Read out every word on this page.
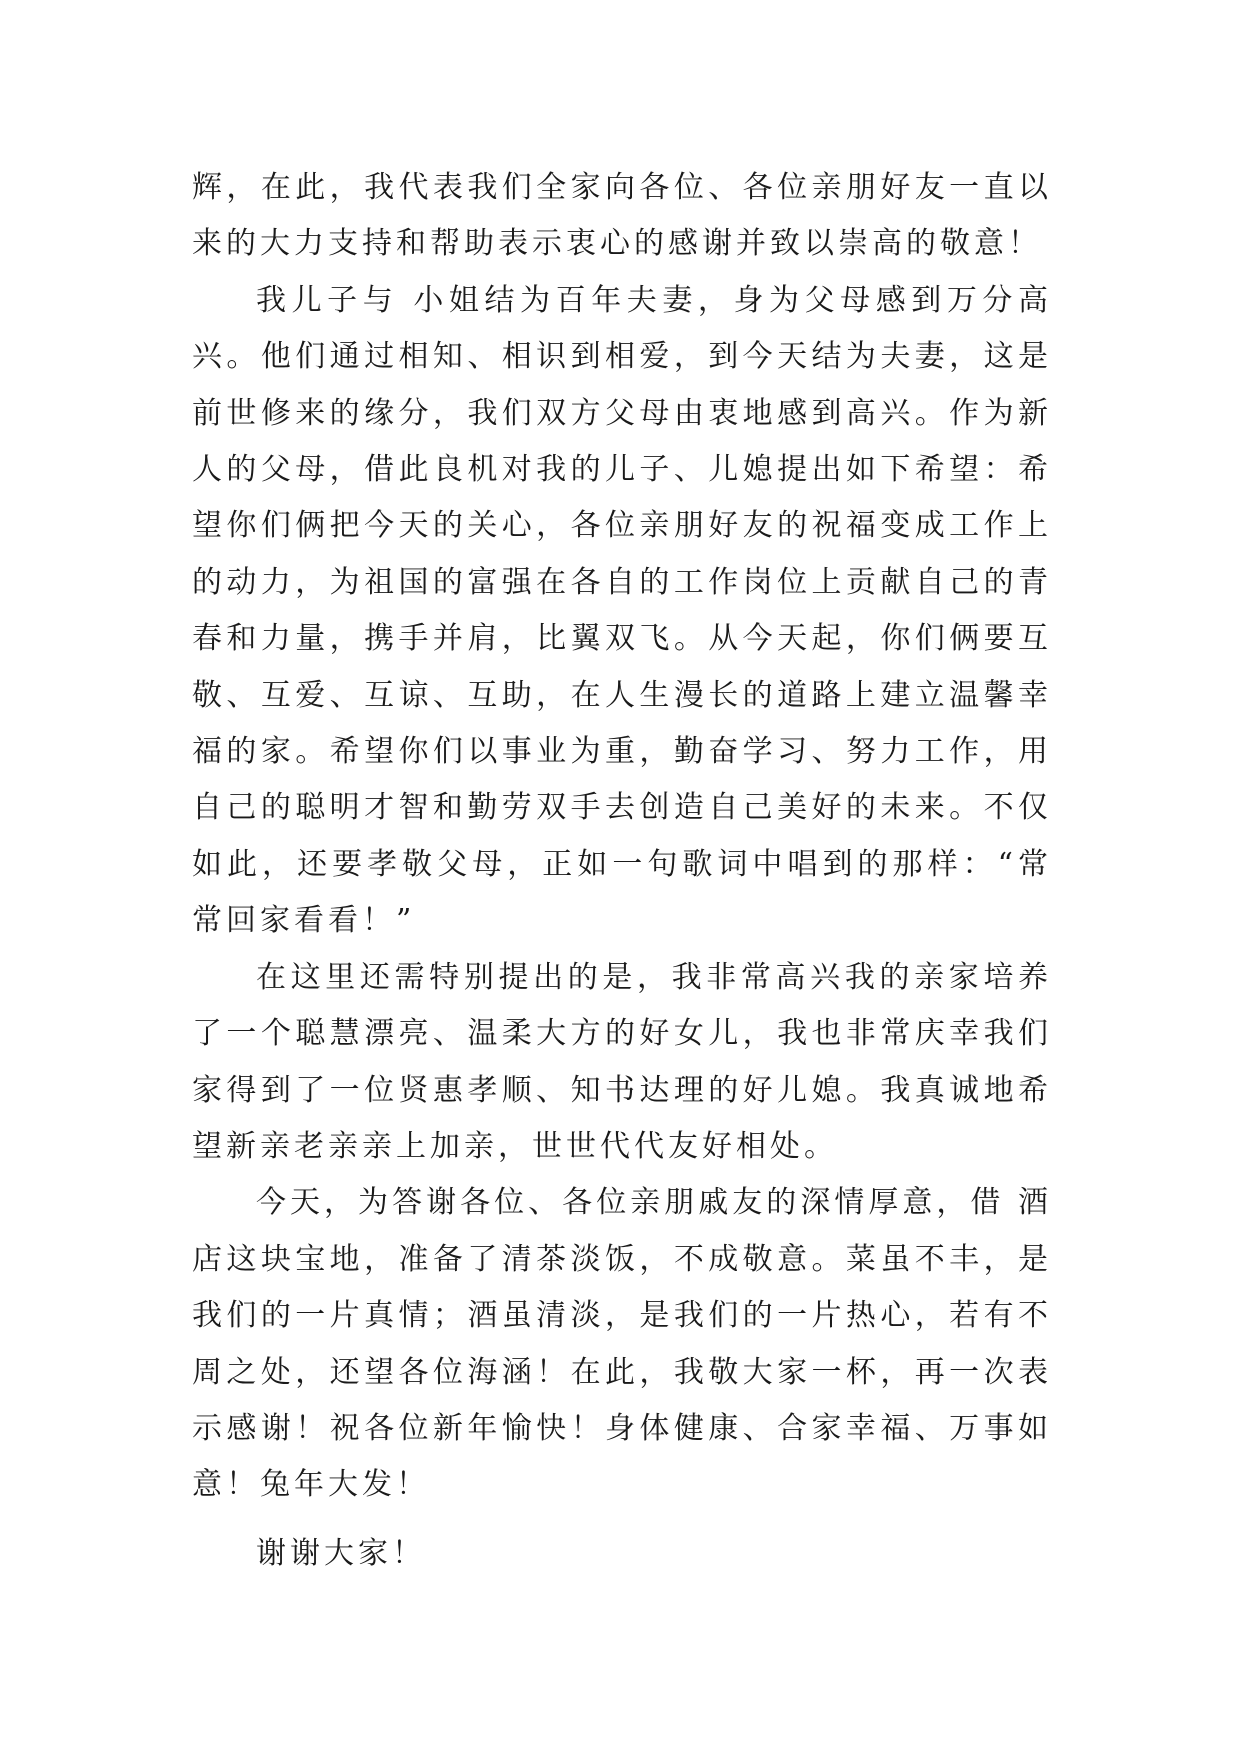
辉，在此，我代表我们全家向各位、各位亲朋好友一直以来的大力支持和帮助表示衷心的感谢并致以崇高的敬意！

我儿子与 小姐结为百年夫妻，身为父母感到万分高兴。他们通过相知、相识到相爱，到今天结为夫妻，这是前世修来的缘分，我们双方父母由衷地感到高兴。作为新人的父母，借此良机对我的儿子、儿媳提出如下希望：希望你们俩把今天的关心，各位亲朋好友的祝福变成工作上的动力，为祖国的富强在各自的工作岗位上贡献自己的青春和力量，携手并肩，比翼双飞。从今天起，你们俩要互敬、互爱、互谅、互助，在人生漫长的道路上建立温馨幸福的家。希望你们以事业为重，勤奋学习、努力工作，用自己的聪明才智和勤劳双手去创造自己美好的未来。不仅如此，还要孝敬父母，正如一句歌词中唱到的那样：“常常回家看看！”

在这里还需特别提出的是，我非常高兴我的亲家培养了一个聪慧漂亮、温柔大方的好女儿，我也非常庆幸我们家得到了一位贤惠孝顺、知书达理的好儿媳。我真诚地希望新亲老亲亲上加亲，世世代代友好相处。

今天，为答谢各位、各位亲朋戚友的深情厚意，借 酒店这块宝地，准备了清茶淡饭，不成敬意。菜虽不丰，是我们的一片真情；酒虽清淡，是我们的一片热心，若有不周之处，还望各位海涵！在此，我敬大家一杯，再一次表示感谢！祝各位新年愉快！身体健康、合家幸福、万事如意！兔年大发！

谢谢大家！
